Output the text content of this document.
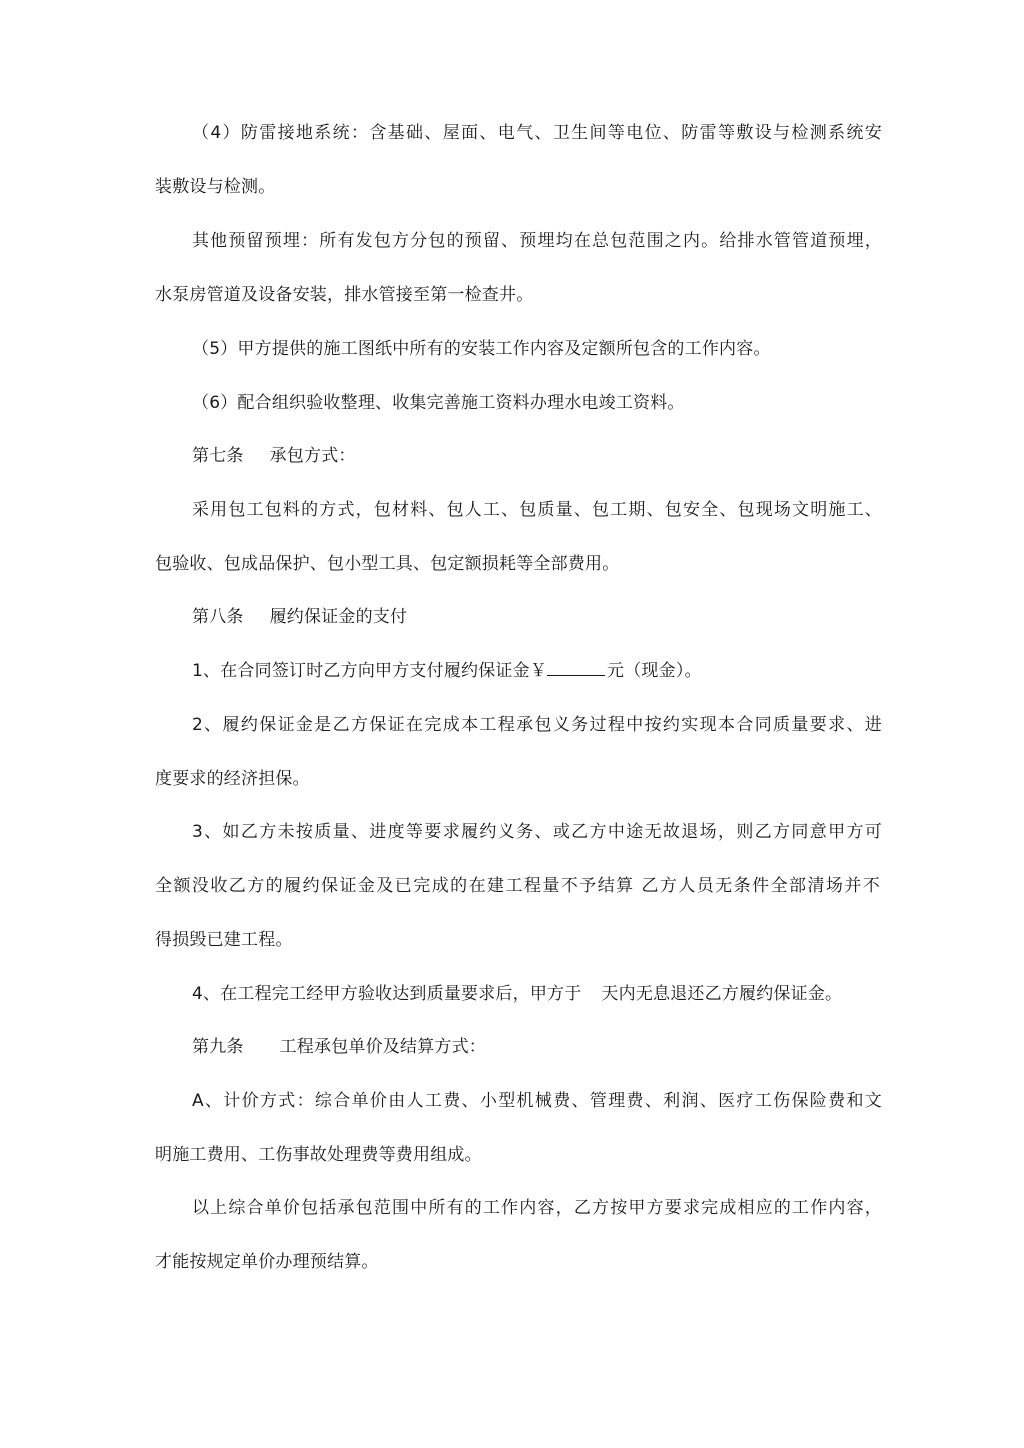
（4）防雷接地系统：含基础、屋面、电气、卫生间等电位、防雷等敷设与检测系统安
装敷设与检测。
其他预留预埋：所有发包方分包的预留、预埋均在总包范围之内。给排水管管道预埋，
水泵房管道及设备安装，排水管接至第一检查井。
（5）甲方提供的施工图纸中所有的安装工作内容及定额所包含的工作内容。
（6）配合组织验收整理、收集完善施工资料办理水电竣工资料。
第七条 承包方式：
采用包工包料的方式，包材料、包人工、包质量、包工期、包安全、包现场文明施工、
包验收、包成品保护、包小型工具、包定额损耗等全部费用。
第八条 履约保证金的支付
1、在合同签订时乙方向甲方支付履约保证金￥	元（现金）。
2、履约保证金是乙方保证在完成本工程承包义务过程中按约实现本合同质量要求、进
度要求的经济担保。
3、如乙方未按质量、进度等要求履约义务、或乙方中途无故退场，则乙方同意甲方可
全额没收乙方的履约保证金及已完成的在建工程量不予结算 乙方人员无条件全部清场并不
得损毁已建工程。
4、在工程完工经甲方验收达到质量要求后，甲方于 天内无息退还乙方履约保证金。
第九条 工程承包单价及结算方式：
A、计价方式：综合单价由人工费、小型机械费、管理费、利润、医疗工伤保险费和文
明施工费用、工伤事故处理费等费用组成。
以上综合单价包括承包范围中所有的工作内容，乙方按甲方要求完成相应的工作内容，
才能按规定单价办理预结算。
